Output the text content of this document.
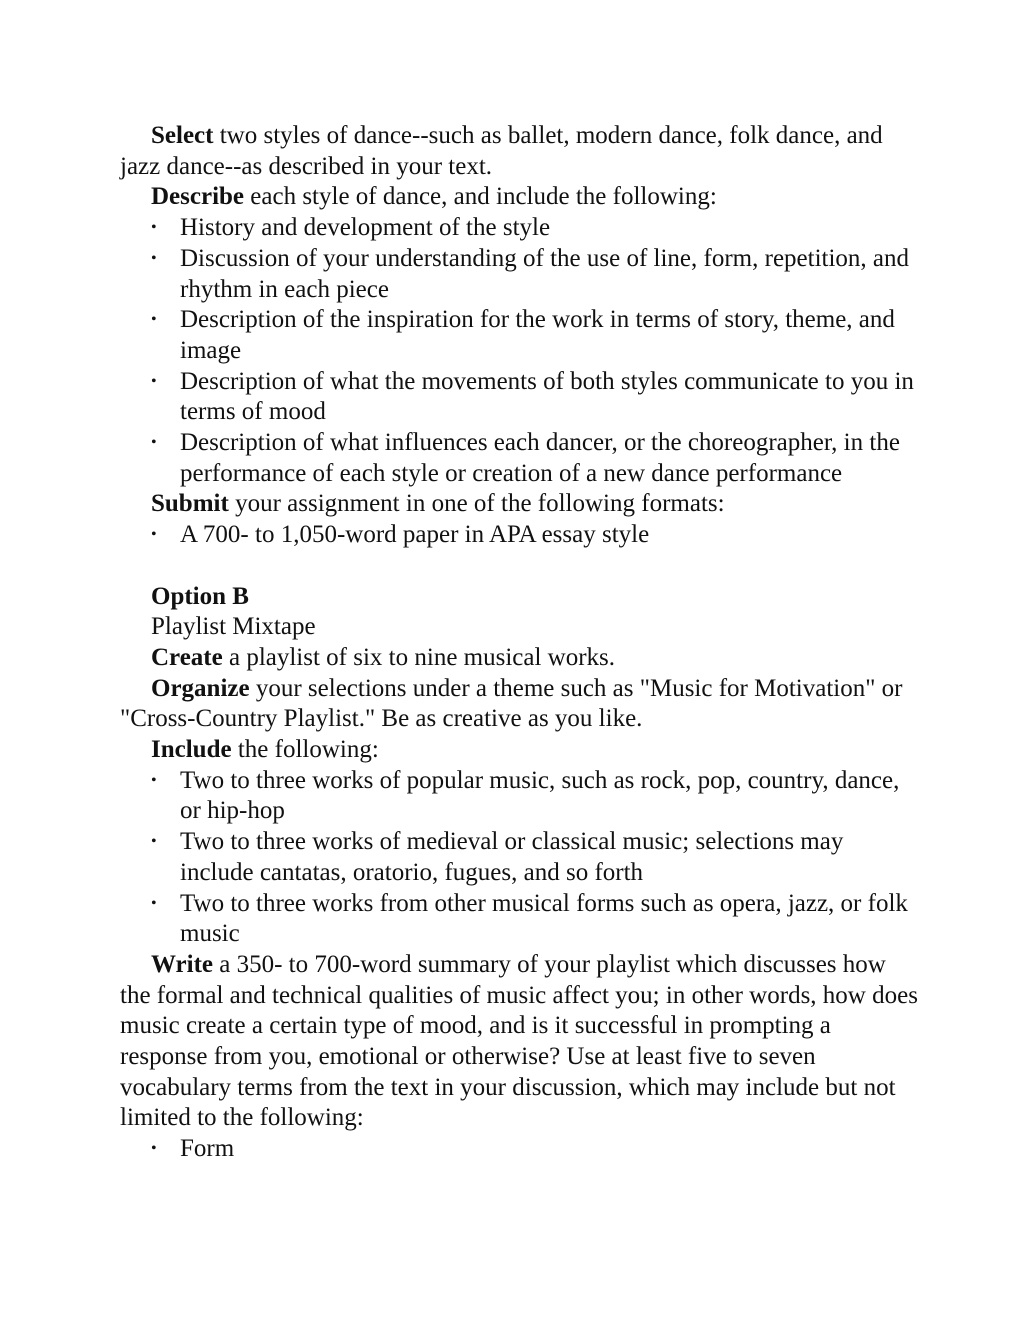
Select two styles of dance--such as ballet, modern dance, folk dance, and jazz dance--as described in your text.

Describe each style of dance, and include the following:

• History and development of the style
• Discussion of your understanding of the use of line, form, repetition, and rhythm in each piece
• Description of the inspiration for the work in terms of story, theme, and image
• Description of what the movements of both styles communicate to you in terms of mood
• Description of what influences each dancer, or the choreographer, in the performance of each style or creation of a new dance performance

Submit your assignment in one of the following formats:

• A 700- to 1,050-word paper in APA essay style

Option B

Playlist Mixtape

Create a playlist of six to nine musical works.

Organize your selections under a theme such as "Music for Motivation" or "Cross-Country Playlist." Be as creative as you like.

Include the following:

• Two to three works of popular music, such as rock, pop, country, dance, or hip-hop
• Two to three works of medieval or classical music; selections may include cantatas, oratorio, fugues, and so forth
• Two to three works from other musical forms such as opera, jazz, or folk music

Write a 350- to 700-word summary of your playlist which discusses how the formal and technical qualities of music affect you; in other words, how does music create a certain type of mood, and is it successful in prompting a response from you, emotional or otherwise? Use at least five to seven vocabulary terms from the text in your discussion, which may include but not limited to the following:

• Form
